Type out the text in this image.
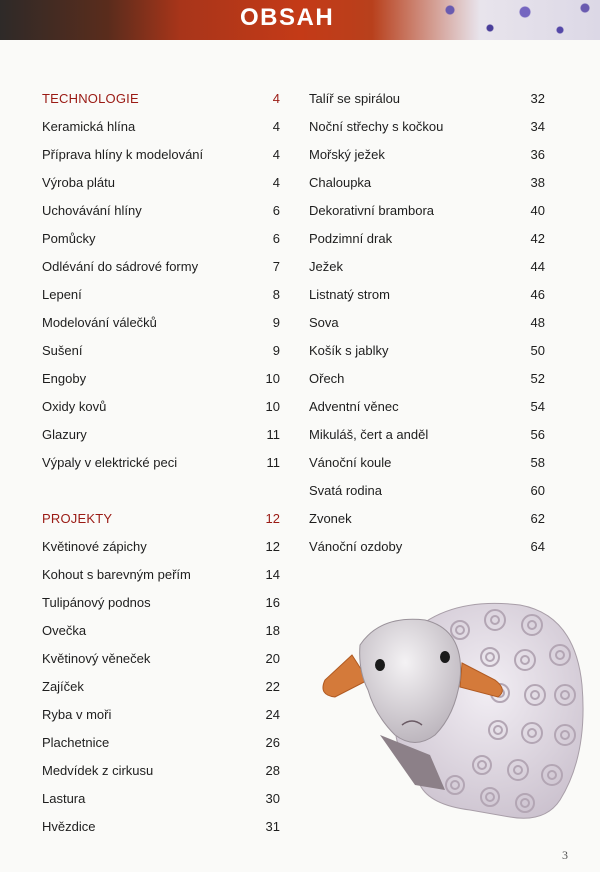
OBSAH
TECHNOLOGIE	4
Keramická hlína	4
Příprava hlíny k modelování	4
Výroba plátu	4
Uchovávání hlíny	6
Pomůcky	6
Odlévání do sádrové formy	7
Lepení	8
Modelování válečků	9
Sušení	9
Engoby	10
Oxidy kovů	10
Glazury	11
Výpaly v elektrické peci	11
PROJEKTY	12
Květinové zápichy	12
Kohout s barevným peřím	14
Tulipánový podnos	16
Ovečka	18
Květinový věneček	20
Zajíček	22
Ryba v moři	24
Plachetnice	26
Medvídek z cirkusu	28
Lastura	30
Hvězdice	31
Talíř se spirálou	32
Noční střechy s kočkou	34
Mořský ježek	36
Chaloupka	38
Dekorativní brambora	40
Podzimní drak	42
Ježek	44
Listnatý strom	46
Sova	48
Košík s jablky	50
Ořech	52
Adventní věnec	54
Mikuláš, čert a anděl	56
Vánoční koule	58
Svatá rodina	60
Zvonek	62
Vánoční ozdoby	64
3
